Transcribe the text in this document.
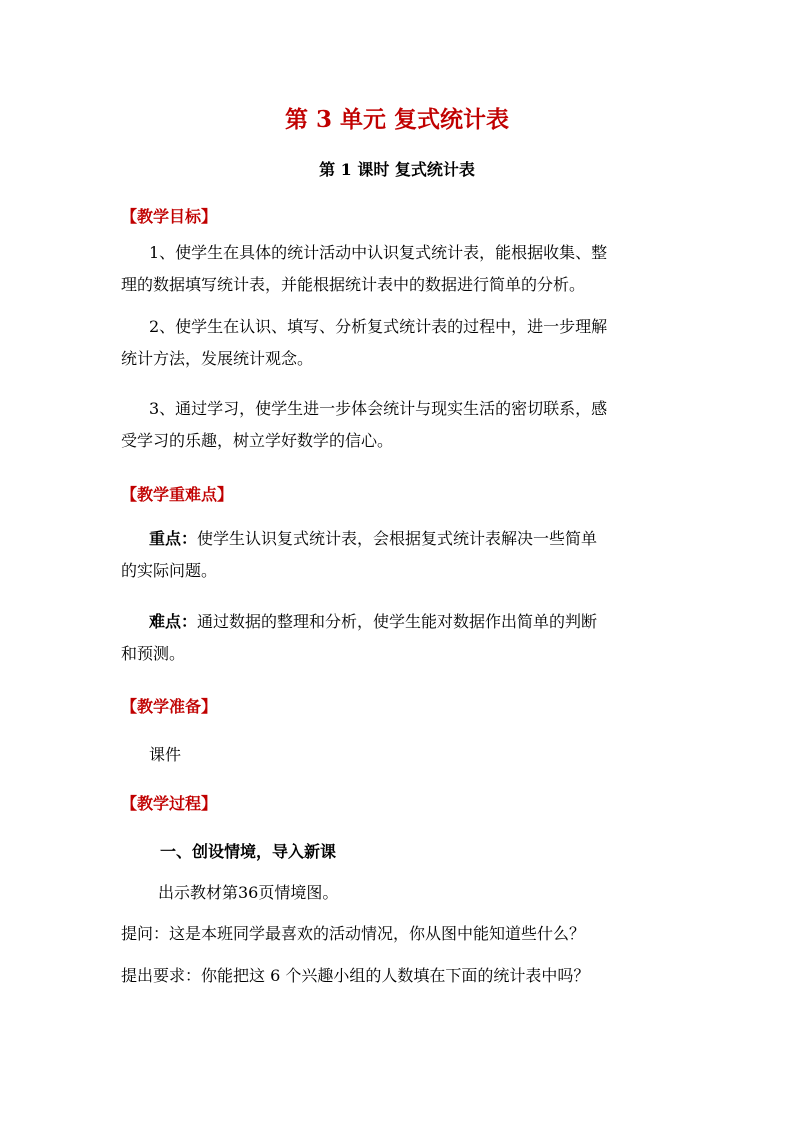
第 3 单元 复式统计表
第 1 课时 复式统计表
【教学目标】
1、使学生在具体的统计活动中认识复式统计表，能根据收集、整
理的数据填写统计表，并能根据统计表中的数据进行简单的分析。
2、使学生在认识、填写、分析复式统计表的过程中，进一步理解
统计方法，发展统计观念。
3、通过学习，使学生进一步体会统计与现实生活的密切联系，感
受学习的乐趣，树立学好数学的信心。
【教学重难点】
重点：使学生认识复式统计表，会根据复式统计表解决一些简单
的实际问题。
难点：通过数据的整理和分析，使学生能对数据作出简单的判断
和预测。
【教学准备】
课件
【教学过程】
一、创设情境，导入新课
出示教材第36页情境图。
提问：这是本班同学最喜欢的活动情况，你从图中能知道些什么？
提出要求：你能把这 6 个兴趣小组的人数填在下面的统计表中吗？
